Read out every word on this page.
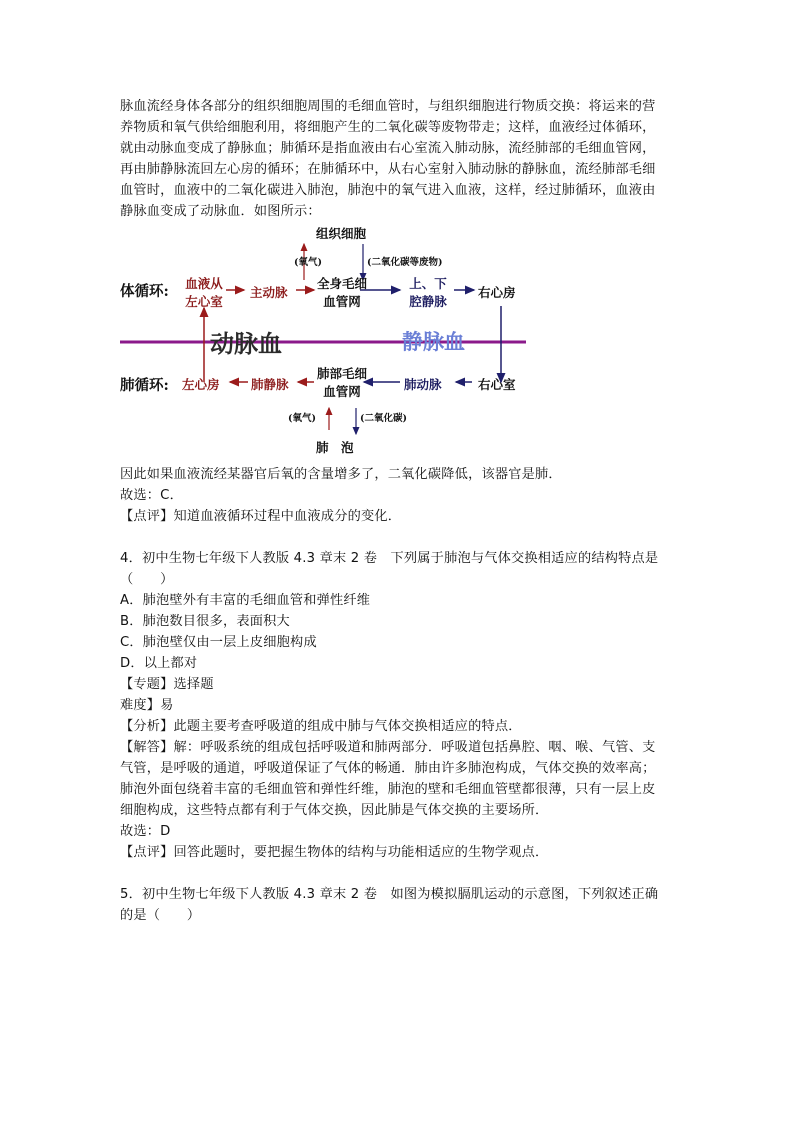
脉血流经身体各部分的组织细胞周围的毛细血管时，与组织细胞进行物质交换：将运来的营

养物质和氧气供给细胞利用，将细胞产生的二氧化碳等废物带走；这样，血液经过体循环，

就由动脉血变成了静脉血；肺循环是指血液由右心室流入肺动脉，流经肺部的毛细血管网，

再由肺静脉流回左心房的循环；在肺循环中，从右心室射入肺动脉的静脉血，流经肺部毛细

血管时，血液中的二氧化碳进入肺泡，肺泡中的氧气进入血液，这样，经过肺循环，血液由

静脉血变成了动脉血．如图所示：

组织细胞
(氧气)	(二氧化碳等废物)
体循环:	血液从
左心室
主动脉
全身毛细
血管网
上、下
腔静脉
右心房
动脉血	静脉血
肺循环: 左心房	肺静脉
肺部毛细
血管网	肺动脉	右心室
(氧气)	(二氧化碳)
肺　泡

因此如果血液流经某器官后氧的含量增多了，二氧化碳降低，该器官是肺．

故选：C．

【点评】知道血液循环过程中血液成分的变化．

4．初中生物七年级下人教版 4.3 章末 2 卷　下列属于肺泡与气体交换相适应的结构特点是

（　　）

A．肺泡壁外有丰富的毛细血管和弹性纤维

B．肺泡数目很多，表面积大

C．肺泡壁仅由一层上皮细胞构成

D．以上都对

【专题】选择题

难度】易

【分析】此题主要考查呼吸道的组成中肺与气体交换相适应的特点．

【解答】解：呼吸系统的组成包括呼吸道和肺两部分．呼吸道包括鼻腔、咽、喉、气管、支

气管，是呼吸的通道，呼吸道保证了气体的畅通．肺由许多肺泡构成，气体交换的效率高；

肺泡外面包绕着丰富的毛细血管和弹性纤维，肺泡的壁和毛细血管壁都很薄，只有一层上皮

细胞构成，这些特点都有利于气体交换，因此肺是气体交换的主要场所．

故选：D

【点评】回答此题时，要把握生物体的结构与功能相适应的生物学观点．

5．初中生物七年级下人教版 4.3 章末 2 卷　如图为模拟膈肌运动的示意图，下列叙述正确

的是（　　）
